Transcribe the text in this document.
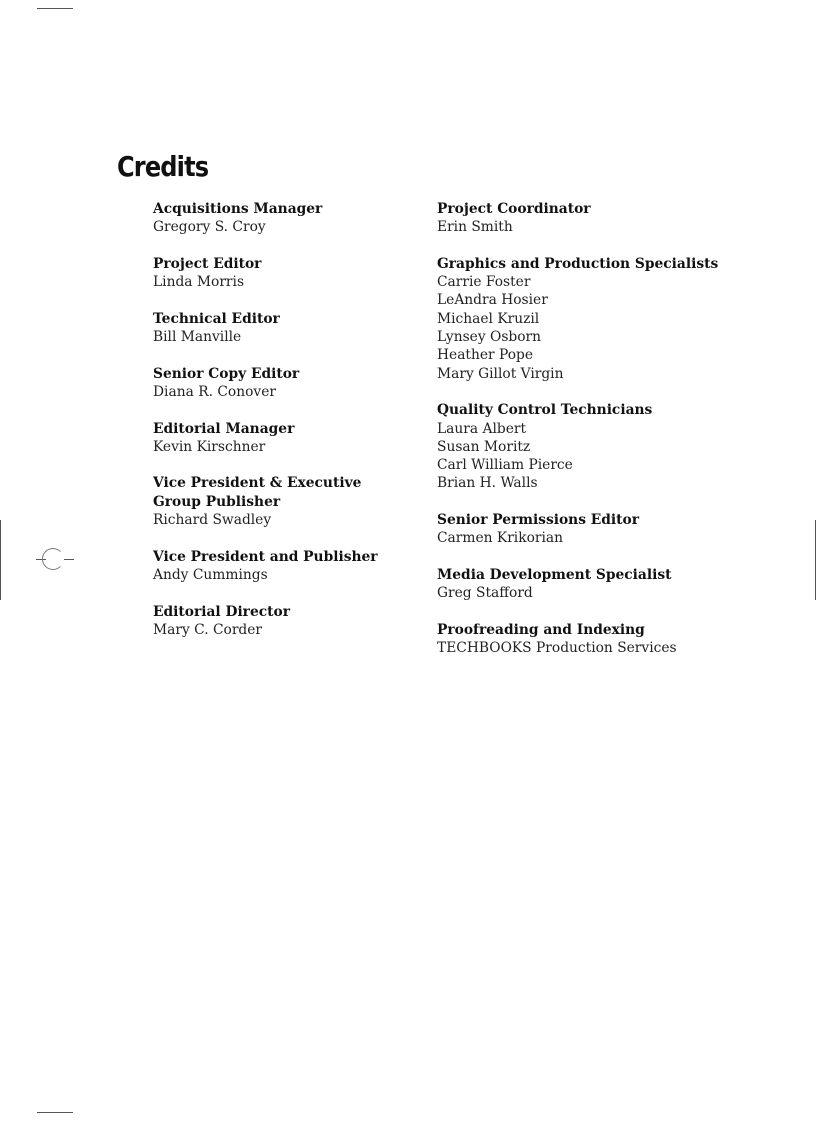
Credits
Acquisitions Manager
Gregory S. Croy
Project Editor
Linda Morris
Technical Editor
Bill Manville
Senior Copy Editor
Diana R. Conover
Editorial Manager
Kevin Kirschner
Vice President & Executive Group Publisher
Richard Swadley
Vice President and Publisher
Andy Cummings
Editorial Director
Mary C. Corder
Project Coordinator
Erin Smith
Graphics and Production Specialists
Carrie Foster
LeAndra Hosier
Michael Kruzil
Lynsey Osborn
Heather Pope
Mary Gillot Virgin
Quality Control Technicians
Laura Albert
Susan Moritz
Carl William Pierce
Brian H. Walls
Senior Permissions Editor
Carmen Krikorian
Media Development Specialist
Greg Stafford
Proofreading and Indexing
TECHBOOKS Production Services
